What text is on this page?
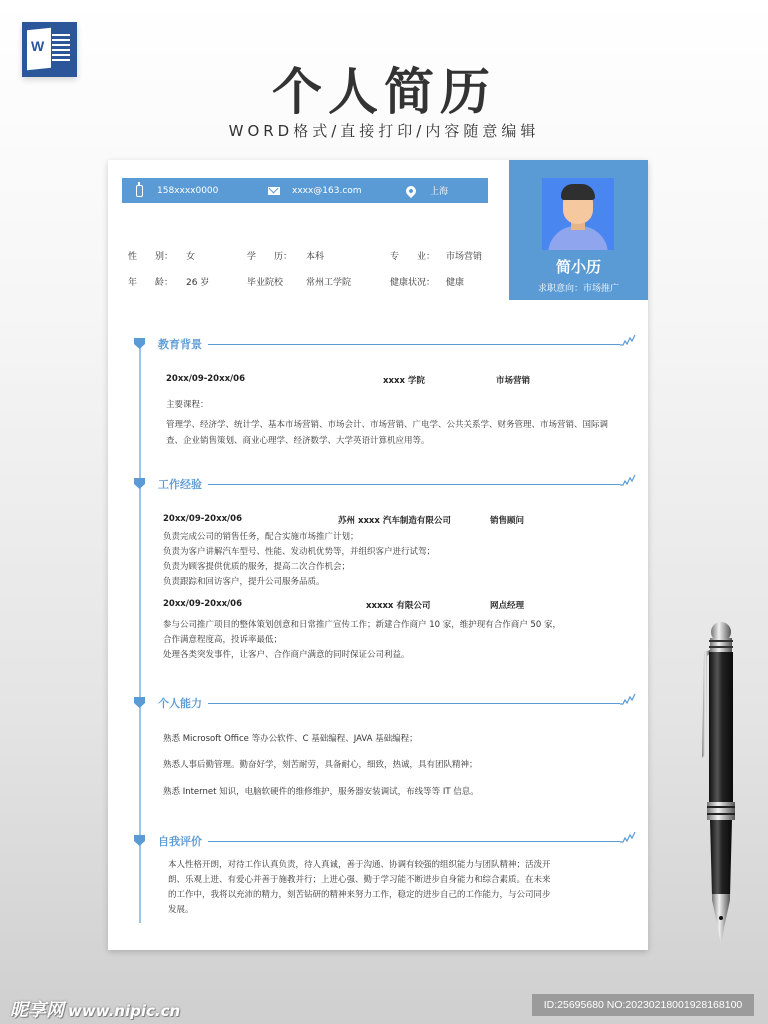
W
个人简历
WORD格式/直接打印/内容随意编辑
158xxxx0000	xxxx@163.com	上海
简小历
求职意向：市场推广
性　　别： 女	学　　历： 本科	专　　业： 市场营销
年　　龄： 26 岁	毕业院校	常州工学院	健康状况： 健康
教育背景
20xx/09-20xx/06	xxxx 学院	市场营销
主要课程：
管理学、经济学、统计学、基本市场营销、市场会计、市场营销、广电学、公共关系学、财务管理、市场营销、国际调查、企业销售策划、商业心理学、经济数学、大学英语计算机应用等。
工作经验
20xx/09-20xx/06	苏州 xxxx 汽车制造有限公司	销售顾问
负责完成公司的销售任务，配合实施市场推广计划；
负责为客户讲解汽车型号、性能、发动机优势等，并组织客户进行试驾；
负责为顾客提供优质的服务，提高二次合作机会；
负责跟踪和回访客户，提升公司服务品质。
20xx/09-20xx/06	xxxxx 有限公司	网点经理
参与公司推广项目的整体策划创意和日常推广宣传工作；新建合作商户 10 家，维护现有合作商户 50 家，
合作满意程度高，投诉率最低；
处理各类突发事件，让客户、合作商户满意的同时保证公司利益。
个人能力
熟悉 Microsoft Office 等办公软件、C 基础编程、JAVA 基础编程；
熟悉人事后勤管理。勤奋好学，刻苦耐劳，具备耐心，细致，热诚，具有团队精神；
熟悉 Internet 知识，电脑软硬件的维修维护，服务器安装调试，布线等等 IT 信息。
自我评价
本人性格开朗，对待工作认真负责，待人真诚，善于沟通、协调有较强的组织能力与团队精神；活泼开
朗、乐观上进、有爱心并善于施教并行；上进心强、勤于学习能不断进步自身能力和综合素质。在未来
的工作中，我将以充沛的精力，刻苦钻研的精神来努力工作，稳定的进步自己的工作能力，与公司同步
发展。
昵享网 www.nipic.cn	ID:25695680 NO:20230218001928168100
